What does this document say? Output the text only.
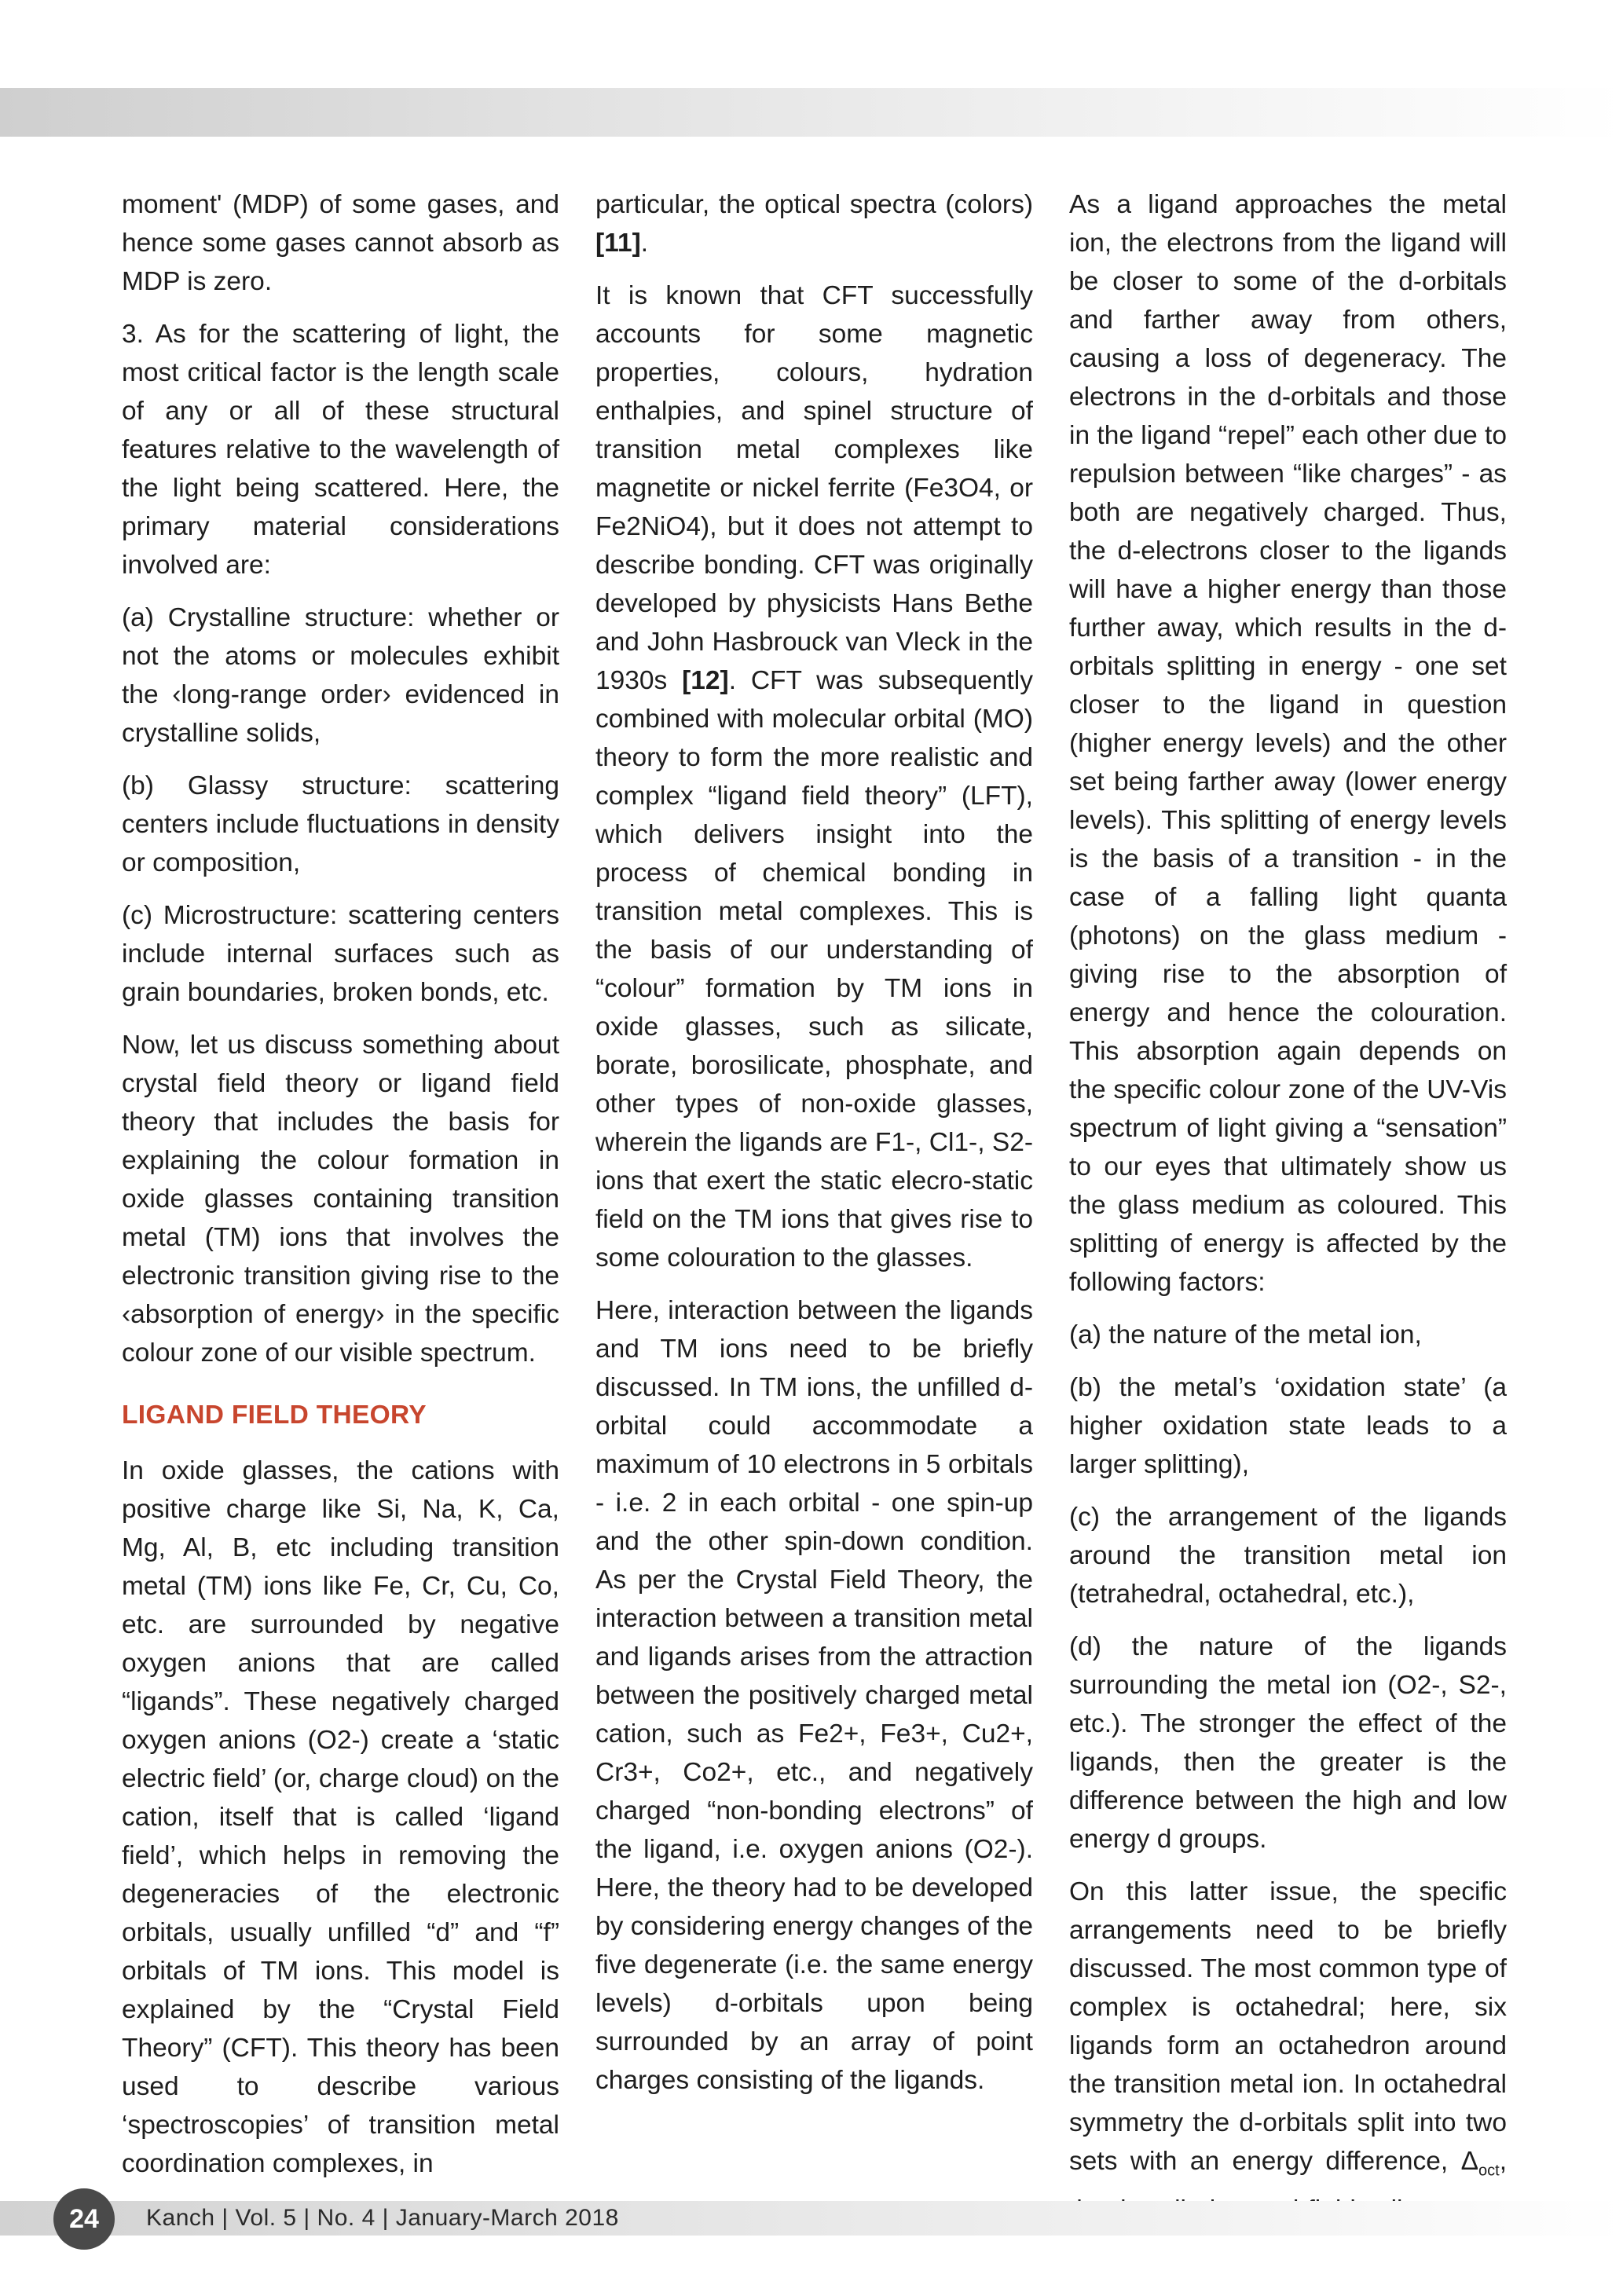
moment' (MDP) of some gases, and hence some gases cannot absorb as MDP is zero.

3. As for the scattering of light, the most critical factor is the length scale of any or all of these structural features relative to the wavelength of the light being scattered. Here, the primary material considerations involved are:

(a) Crystalline structure: whether or not the atoms or molecules exhibit the ‹long-range order› evidenced in crystalline solids,

(b) Glassy structure: scattering centers include fluctuations in density or composition,

(c) Microstructure: scattering centers include internal surfaces such as grain boundaries, broken bonds, etc.

Now, let us discuss something about crystal field theory or ligand field theory that includes the basis for explaining the colour formation in oxide glasses containing transition metal (TM) ions that involves the electronic transition giving rise to the ‹absorption of energy› in the specific colour zone of our visible spectrum.

LIGAND FIELD THEORY

In oxide glasses, the cations with positive charge like Si, Na, K, Ca, Mg, Al, B, etc including transition metal (TM) ions like Fe, Cr, Cu, Co, etc. are surrounded by negative oxygen anions that are called “ligands”. These negatively charged oxygen anions (O2-) create a ‘static electric field’ (or, charge cloud) on the cation, itself that is called ‘ligand field’, which helps in removing the degeneracies of the electronic orbitals, usually unfilled “d” and “f” orbitals of TM ions. This model is explained by the “Crystal Field Theory” (CFT). This theory has been used to describe various ‘spectroscopies’ of transition metal coordination complexes, in

particular, the optical spectra (colors) [11].

It is known that CFT successfully accounts for some magnetic properties, colours, hydration enthalpies, and spinel structure of transition metal complexes like magnetite or nickel ferrite (Fe3O4, or Fe2NiO4), but it does not attempt to describe bonding. CFT was originally developed by physicists Hans Bethe and John Hasbrouck van Vleck in the 1930s [12]. CFT was subsequently combined with molecular orbital (MO) theory to form the more realistic and complex “ligand field theory” (LFT), which delivers insight into the process of chemical bonding in transition metal complexes. This is the basis of our understanding of “colour” formation by TM ions in oxide glasses, such as silicate, borate, borosilicate, phosphate, and other types of non-oxide glasses, wherein the ligands are F1-, Cl1-, S2- ions that exert the static elecro-static field on the TM ions that gives rise to some colouration to the glasses.

Here, interaction between the ligands and TM ions need to be briefly discussed. In TM ions, the unfilled d-orbital could accommodate a maximum of 10 electrons in 5 orbitals - i.e. 2 in each orbital - one spin-up and the other spin-down condition. As per the Crystal Field Theory, the interaction between a transition metal and ligands arises from the attraction between the positively charged metal cation, such as Fe2+, Fe3+, Cu2+, Cr3+, Co2+, etc., and negatively charged “non-bonding electrons” of the ligand, i.e. oxygen anions (O2-). Here, the theory had to be developed by considering energy changes of the five degenerate (i.e. the same energy levels) d-orbitals upon being surrounded by an array of point charges consisting of the ligands.

As a ligand approaches the metal ion, the electrons from the ligand will be closer to some of the d-orbitals and farther away from others, causing a loss of degeneracy. The electrons in the d-orbitals and those in the ligand “repel” each other due to repulsion between “like charges” - as both are negatively charged. Thus, the d-electrons closer to the ligands will have a higher energy than those further away, which results in the d-orbitals splitting in energy - one set closer to the ligand in question (higher energy levels) and the other set being farther away (lower energy levels). This splitting of energy levels is the basis of a transition - in the case of a falling light quanta (photons) on the glass medium - giving rise to the absorption of energy and hence the colouration. This absorption again depends on the specific colour zone of the UV-Vis spectrum of light giving a “sensation” to our eyes that ultimately show us the glass medium as coloured. This splitting of energy is affected by the following factors:

(a) the nature of the metal ion,

(b) the metal’s ‘oxidation state’ (a higher oxidation state leads to a larger splitting),

(c) the arrangement of the ligands around the transition metal ion (tetrahedral, octahedral, etc.),

(d) the nature of the ligands surrounding the metal ion (O2-, S2-, etc.). The stronger the effect of the ligands, then the greater is the difference between the high and low energy d groups.

On this latter issue, the specific arrangements need to be briefly discussed. The most common type of complex is octahedral; here, six ligands form an octahedron around the transition metal ion. In octahedral symmetry the d-orbitals split into two sets with an energy difference, $\Delta_{oct}$,

24	Kanch | Vol. 5 | No. 4 | January-March 2018
